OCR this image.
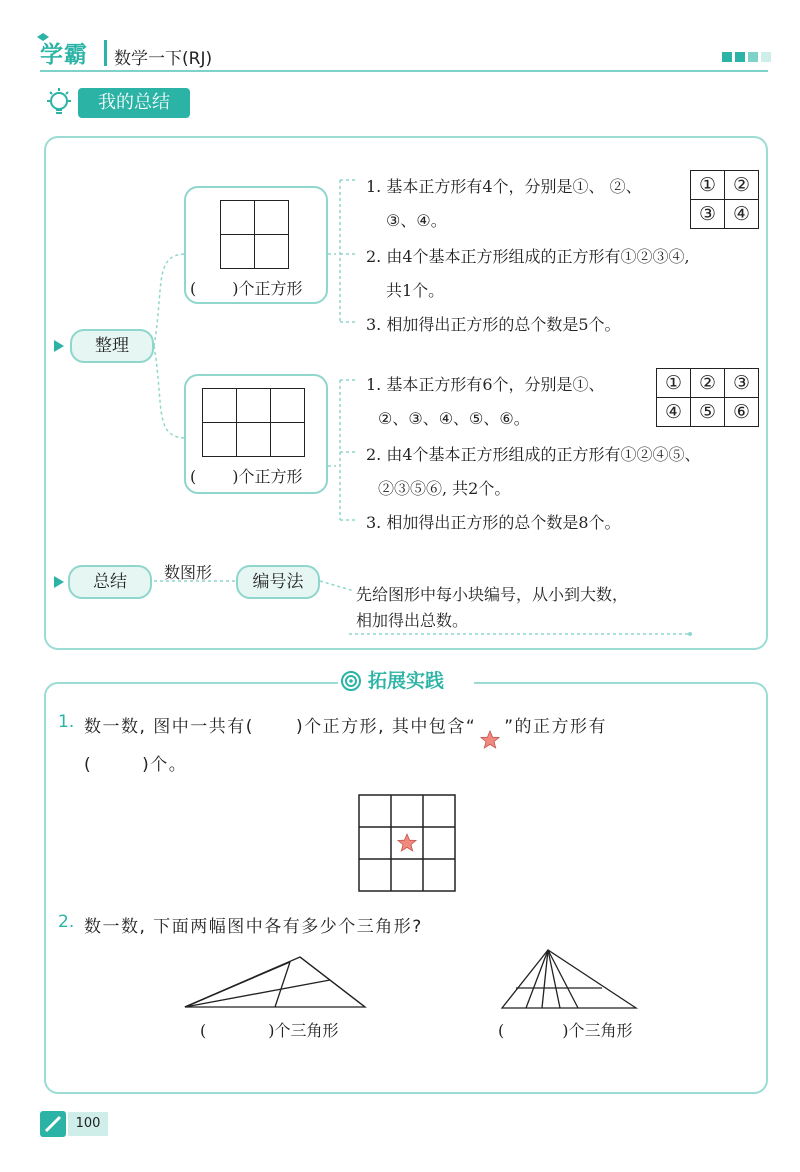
学霸 数学一下(RJ)
我的总结
整理

( )个正方形
1. 基本正方形有4个，分别是①、 ②、
③、④。
①	②
③	④
2. 由4个基本正方形组成的正方形有①②③④,
共1个。
3. 相加得出正方形的总个数是5个。

( )个正方形
1. 基本正方形有6个，分别是①、
②、③、④、⑤、⑥。
①	②	③
④	⑤	⑥
2. 由4个基本正方形组成的正方形有①②④⑤、
②③⑤⑥, 共2个。
3. 相加得出正方形的总个数是8个。
总结	数图形	编号法
先给图形中每小块编号，从小到大数，
相加得出总数。
拓展实践
1. 数一数, 图中一共有( )个正方形, 其中包含“ ”的正方形有
(	)个。
2. 数一数, 下面两幅图中各有多少个三角形?
(	)个三角形	(	)个三角形
100
